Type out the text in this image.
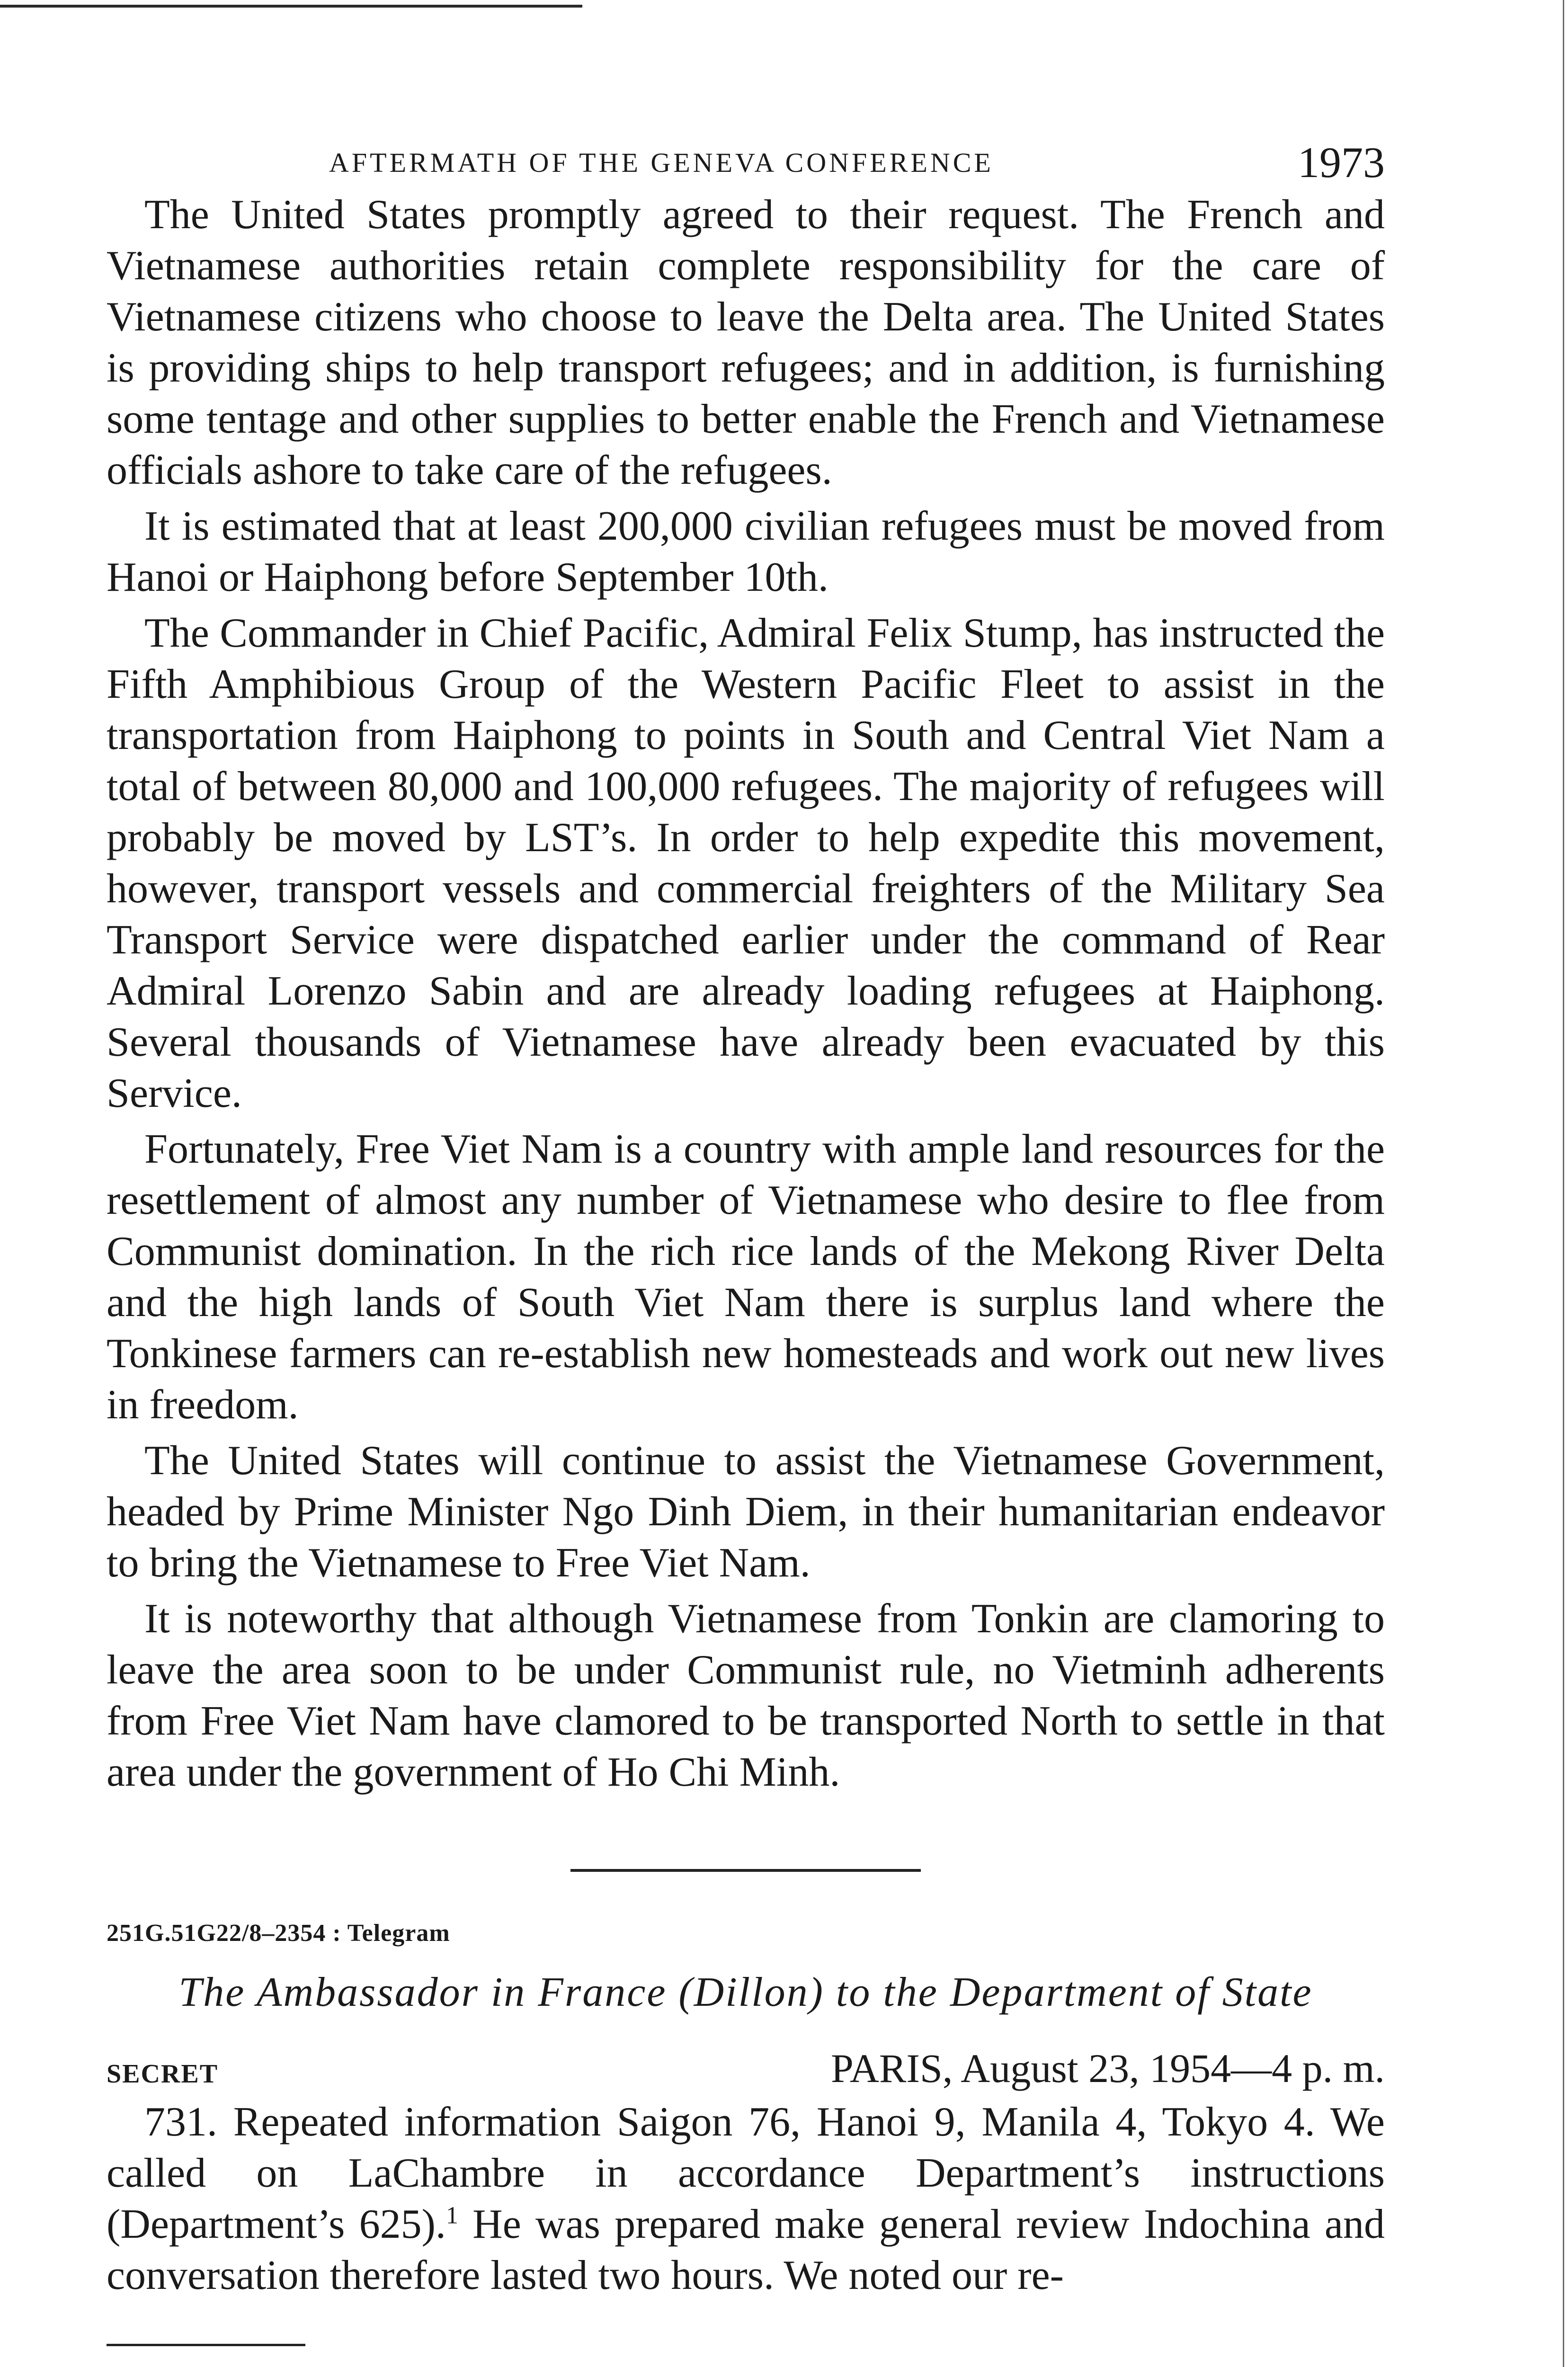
AFTERMATH OF THE GENEVA CONFERENCE	1973

The United States promptly agreed to their request. The French and Vietnamese authorities retain complete responsibility for the care of Vietnamese citizens who choose to leave the Delta area. The United States is providing ships to help transport refugees; and in addition, is furnishing some tentage and other supplies to better enable the French and Vietnamese officials ashore to take care of the refugees.

It is estimated that at least 200,000 civilian refugees must be moved from Hanoi or Haiphong before September 10th.

The Commander in Chief Pacific, Admiral Felix Stump, has instructed the Fifth Amphibious Group of the Western Pacific Fleet to assist in the transportation from Haiphong to points in South and Central Viet Nam a total of between 80,000 and 100,000 refugees. The majority of refugees will probably be moved by LST’s. In order to help expedite this movement, however, transport vessels and commercial freighters of the Military Sea Transport Service were dispatched earlier under the command of Rear Admiral Lorenzo Sabin and are already loading refugees at Haiphong. Several thousands of Vietnamese have already been evacuated by this Service.

Fortunately, Free Viet Nam is a country with ample land resources for the resettlement of almost any number of Vietnamese who desire to flee from Communist domination. In the rich rice lands of the Mekong River Delta and the high lands of South Viet Nam there is surplus land where the Tonkinese farmers can re-establish new homesteads and work out new lives in freedom.

The United States will continue to assist the Vietnamese Government, headed by Prime Minister Ngo Dinh Diem, in their humanitarian endeavor to bring the Vietnamese to Free Viet Nam.

It is noteworthy that although Vietnamese from Tonkin are clamoring to leave the area soon to be under Communist rule, no Vietminh adherents from Free Viet Nam have clamored to be transported North to settle in that area under the government of Ho Chi Minh.

251G.51G22/8–2354 : Telegram
The Ambassador in France (Dillon) to the Department of State
SECRET	PARIS, August 23, 1954—4 p. m.

731. Repeated information Saigon 76, Hanoi 9, Manila 4, Tokyo 4. We called on LaChambre in accordance Department’s instructions (Department’s 625).$^1$ He was prepared make general review Indochina and conversation therefore lasted two hours. We noted our re-
